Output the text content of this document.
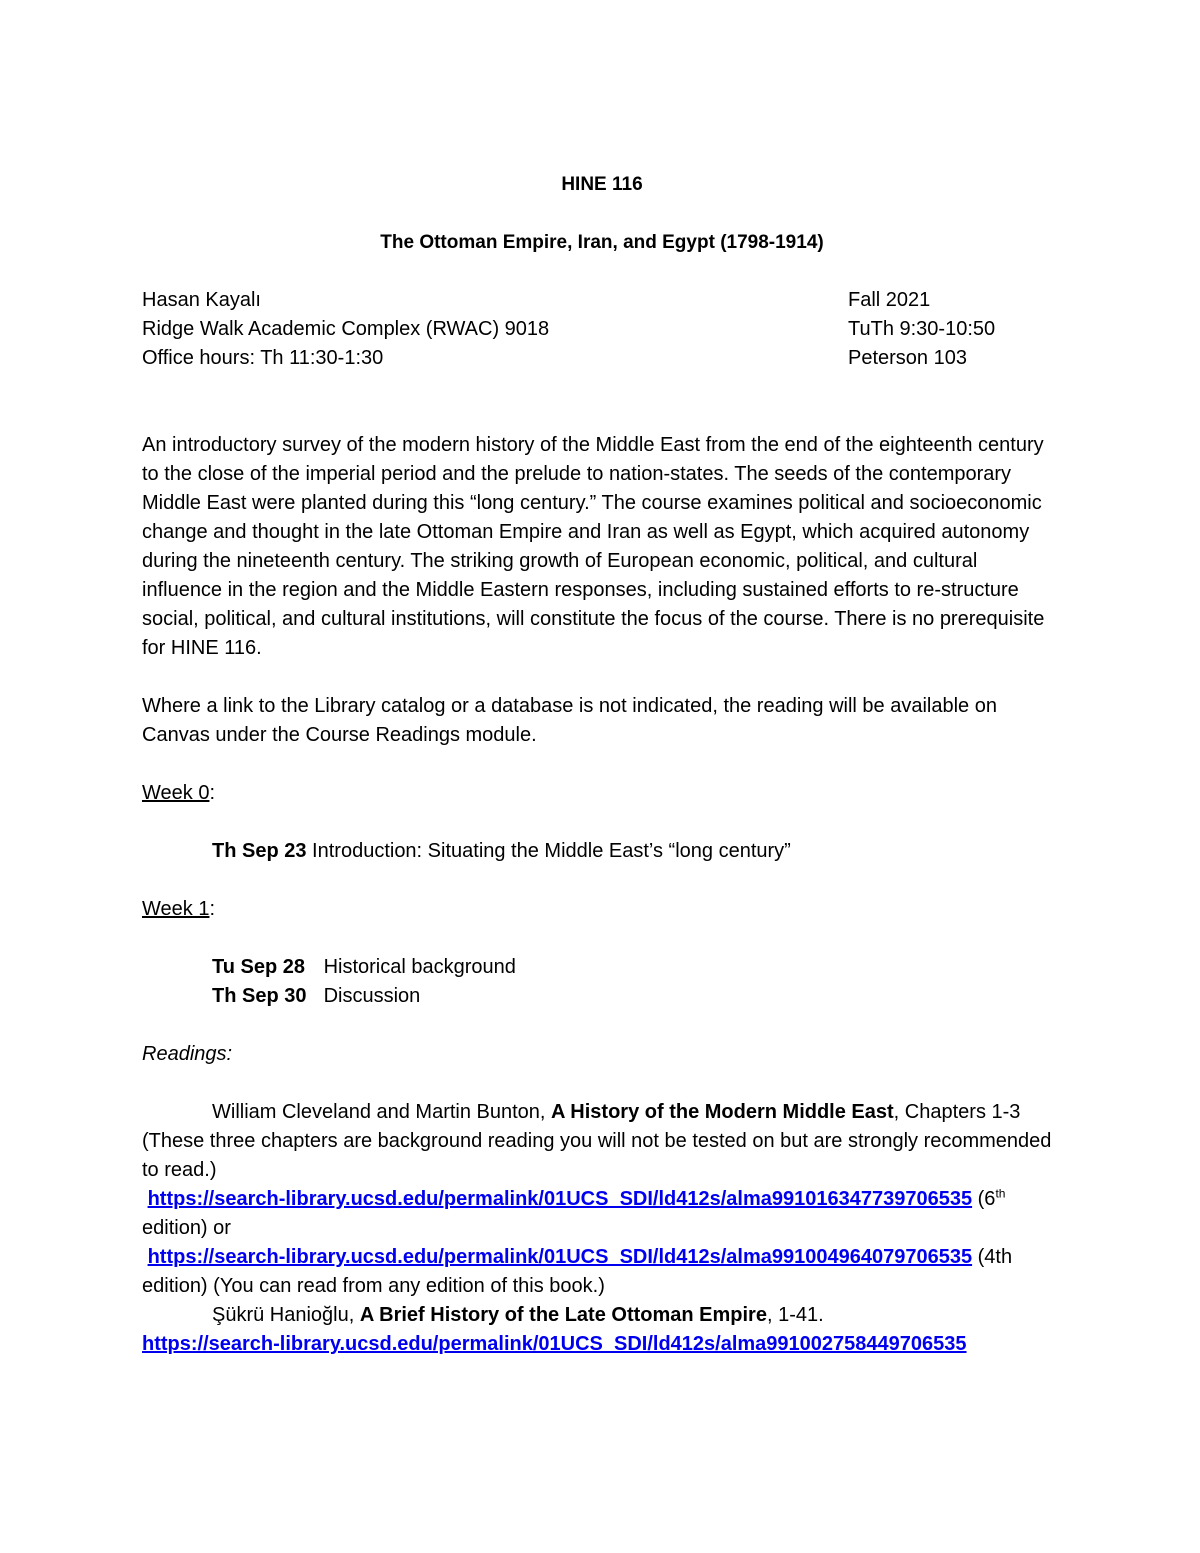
HINE 116
The Ottoman Empire, Iran, and Egypt (1798-1914)
Hasan Kayalı	Fall 2021
Ridge Walk Academic Complex (RWAC) 9018	TuTh 9:30-10:50
Office hours: Th 11:30-1:30	Peterson 103
An introductory survey of the modern history of the Middle East from the end of the eighteenth century to the close of the imperial period and the prelude to nation-states. The seeds of the contemporary Middle East were planted during this “long century.” The course examines political and socioeconomic change and thought in the late Ottoman Empire and Iran as well as Egypt, which acquired autonomy during the nineteenth century. The striking growth of European economic, political, and cultural influence in the region and the Middle Eastern responses, including sustained efforts to re-structure social, political, and cultural institutions, will constitute the focus of the course. There is no prerequisite for HINE 116.
Where a link to the Library catalog or a database is not indicated, the reading will be available on Canvas under the Course Readings module.
Week 0:
Th Sep 23 Introduction: Situating the Middle East’s “long century”
Week 1:
Tu Sep 28 Historical background
Th Sep 30 Discussion
Readings:
William Cleveland and Martin Bunton, A History of the Modern Middle East, Chapters 1-3 (These three chapters are background reading you will not be tested on but are strongly recommended to read.)
https://search-library.ucsd.edu/permalink/01UCS_SDI/ld412s/alma991016347739706535 (6th edition) or
https://search-library.ucsd.edu/permalink/01UCS_SDI/ld412s/alma991004964079706535 (4th edition) (You can read from any edition of this book.)
Şükrü Hanioğlu, A Brief History of the Late Ottoman Empire, 1-41.
https://search-library.ucsd.edu/permalink/01UCS_SDI/ld412s/alma991002758449706535
